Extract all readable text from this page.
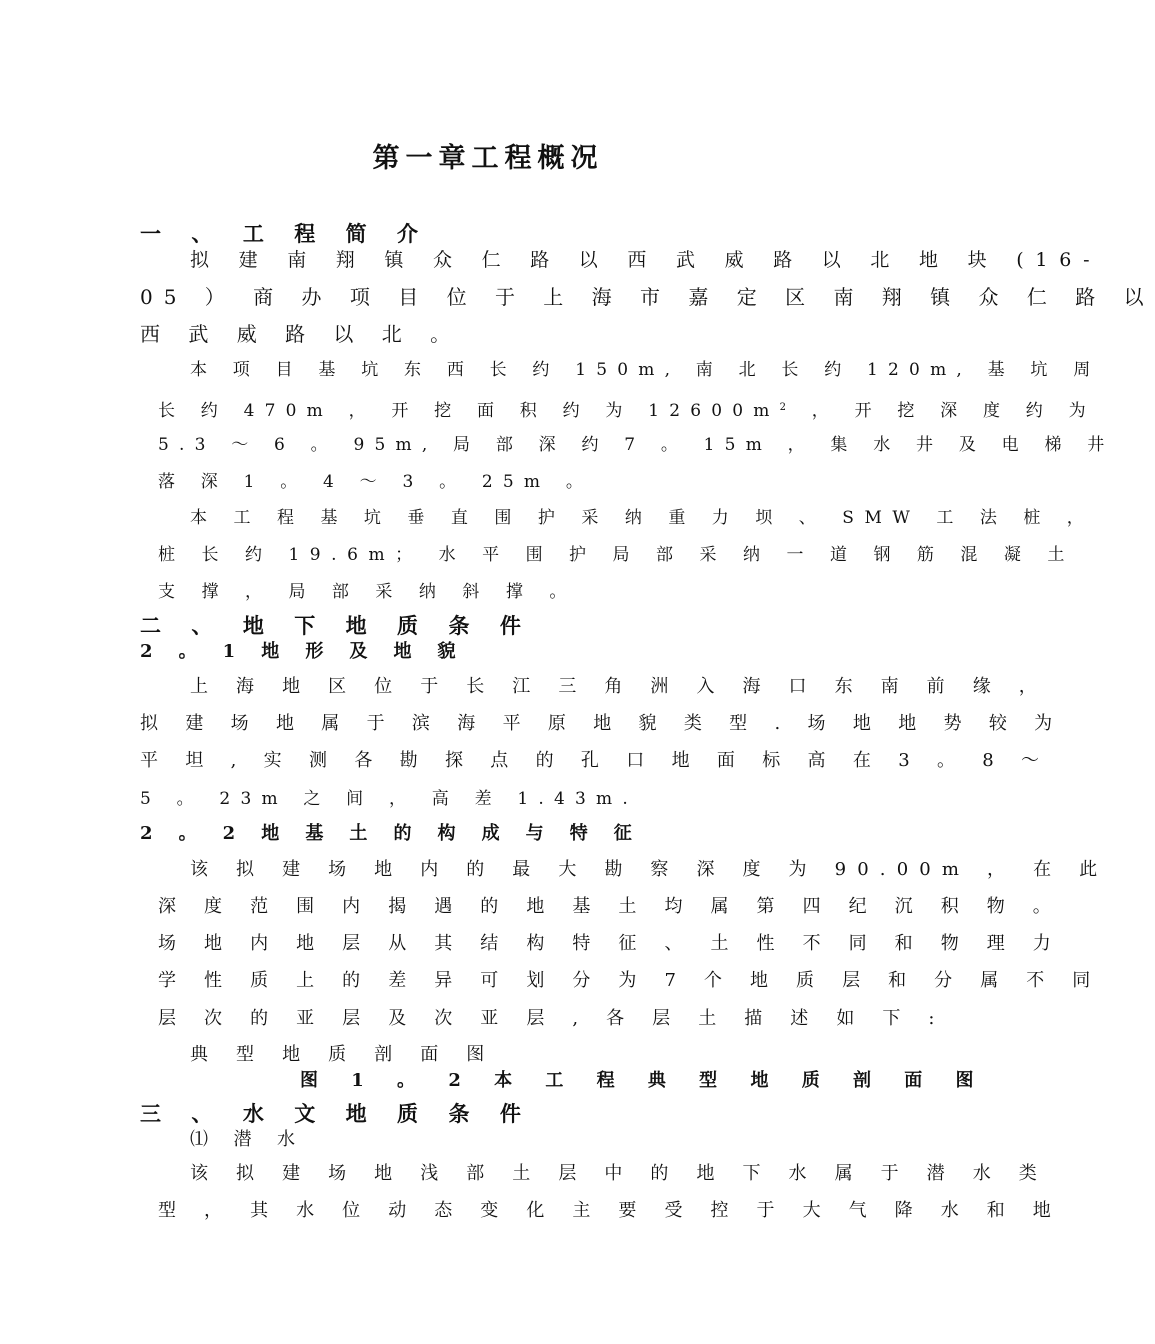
第一章工程概况
一 、 工 程 简 介
拟 建 南 翔 镇 众 仁 路 以 西 武 威 路 以 北 地 块 (16-
05 ） 商 办 项 目 位 于 上 海 市 嘉 定 区 南 翔 镇 众 仁 路 以
西 武 威 路 以 北 。
本 项 目 基 坑 东 西 长 约 150m, 南 北 长 约 120m, 基 坑 周
长 约 470m ， 开 挖 面 积 约 为 $12600m^2$ ， 开 挖 深 度 约 为
5.3 ～ 6 。 95m, 局 部 深 约 7 。 15m ， 集 水 井 及 电 梯 井
落 深 1 。 4 ～ 3 。 25m 。
本 工 程 基 坑 垂 直 围 护 采 纳 重 力 坝 、 SMW 工 法 桩 ，
桩 长 约 19.6m； 水 平 围 护 局 部 采 纳 一 道 钢 筋 混 凝 土
支 撑 ， 局 部 采 纳 斜 撑 。
二 、 地 下 地 质 条 件
2 。 1 地 形 及 地 貌
上 海 地 区 位 于 长 江 三 角 洲 入 海 口 东 南 前 缘 ，
拟 建 场 地 属 于 滨 海 平 原 地 貌 类 型 . 场 地 地 势 较 为
平 坦 , 实 测 各 勘 探 点 的 孔 口 地 面 标 高 在 3 。 8 ～
5 。 23m 之 间 ， 高 差 1.43m.
2 。 2 地 基 土 的 构 成 与 特 征
该 拟 建 场 地 内 的 最 大 勘 察 深 度 为 90.00m ， 在 此
深 度 范 围 内 揭 遇 的 地 基 土 均 属 第 四 纪 沉 积 物 。
场 地 内 地 层 从 其 结 构 特 征 、 土 性 不 同 和 物 理 力
学 性 质 上 的 差 异 可 划 分 为 7 个 地 质 层 和 分 属 不 同
层 次 的 亚 层 及 次 亚 层 , 各 层 土 描 述 如 下 :
典 型 地 质 剖 面 图
图 1 。 2 本 工 程 典 型 地 质 剖 面 图
三 、 水 文 地 质 条 件
⑴ 潜 水
该 拟 建 场 地 浅 部 土 层 中 的 地 下 水 属 于 潜 水 类
型 ， 其 水 位 动 态 变 化 主 要 受 控 于 大 气 降 水 和 地
